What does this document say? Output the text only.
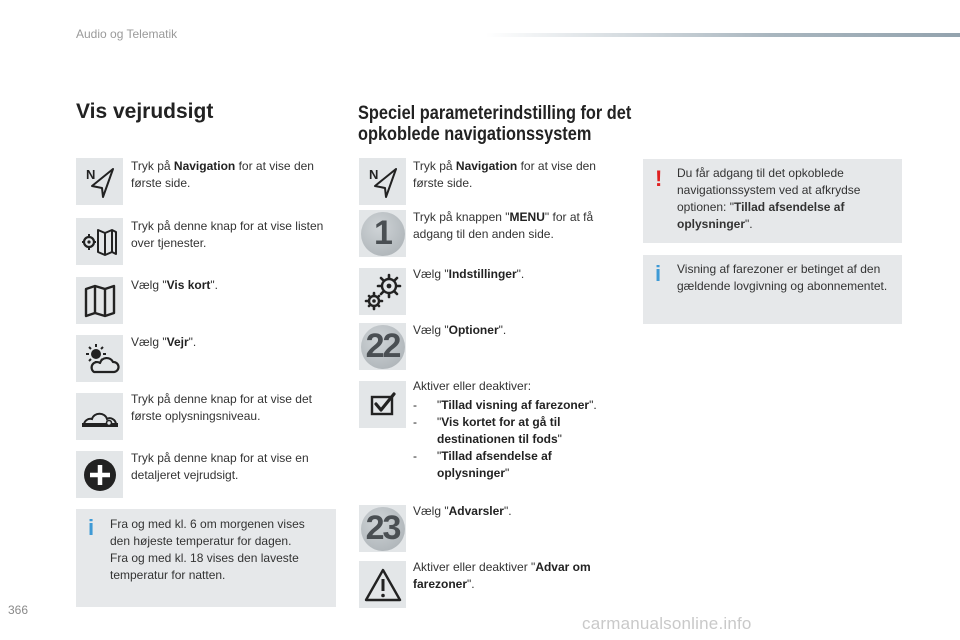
Audio og Telematik
366
Vis vejrudsigt
N
Tryk på Navigation for at vise den første side.
Tryk på denne knap for at vise listen over tjenester.
Vælg "Vis kort".
Vælg "Vejr".
Tryk på denne knap for at vise det første oplysningsniveau.
Tryk på denne knap for at vise en detaljeret vejrudsigt.
i Fra og med kl. 6 om morgenen vises den højeste temperatur for dagen.
Fra og med kl. 18 vises den laveste temperatur for natten.
Speciel parameterindstilling for det
opkoblede navigationssystem
N
Tryk på Navigation for at vise den første side.
1	Tryk på knappen "MENU" for at få adgang til den anden side.
Vælg "Indstillinger".
22	Vælg "Optioner".
Aktiver eller deaktiver:
- "Tillad visning af farezoner".
- "Vis kortet for at gå til destinationen til fods"
- "Tillad afsendelse af oplysninger"
23	Vælg "Advarsler".
Aktiver eller deaktiver "Advar om farezoner".
! Du får adgang til det opkoblede navigationssystem ved at afkrydse optionen: "Tillad afsendelse af oplysninger".
i Visning af farezoner er betinget af den gældende lovgivning og abonnementet.
carmanualsonline.info
